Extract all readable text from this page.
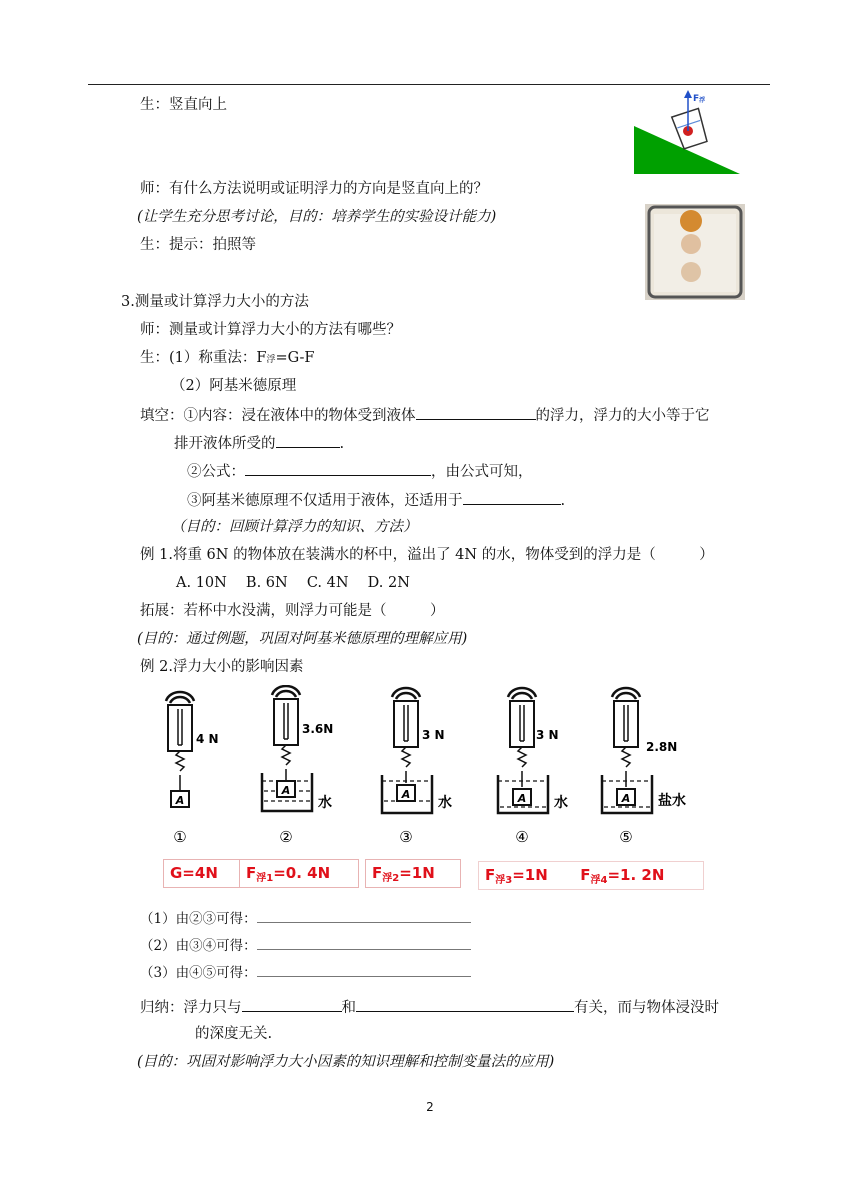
生：竖直向上
师：有什么方法说明或证明浮力的方向是竖直向上的？
(让学生充分思考讨论，目的：培养学生的实验设计能力)
生：提示：拍照等
3.测量或计算浮力大小的方法
师：测量或计算浮力大小的方法有哪些？
生：(1）称重法：F浮=G-F
（2）阿基米德原理
填空：①内容：浸在液体中的物体受到液体	的浮力，浮力的大小等于它
排开液体所受的	.
②公式：	，由公式可知，
③阿基米德原理不仅适用于液体，还适用于	.
（目的：回顾计算浮力的知识、方法）
例 1.将重 6N 的物体放在装满水的杯中，溢出了 4N 的水，物体受到的浮力是（　　　）
A. 10N　 B. 6N　 C. 4N　 D. 2N
拓展：若杯中水没满，则浮力可能是（　　　）
(目的：通过例题，巩固对阿基米德原理的理解应用)
例 2.浮力大小的影响因素
（1）由②③可得：
（2）由③④可得：
（3）由④⑤可得：
归纳：浮力只与	和	有关，而与物体浸没时
的深度无关.
(目的：巩固对影响浮力大小因素的知识理解和控制变量法的应用)
F浮
A
4 N
①
A
3.6N
水
②
A
3 N
水
③
A
3 N
水
④
A
2.8N
盐水
⑤
G=4N	$F_{浮1}=0$. 4N	$F_{浮2}=1N$	$F_{浮3}=1N$ $F_{浮4}=1$. 2N
2
